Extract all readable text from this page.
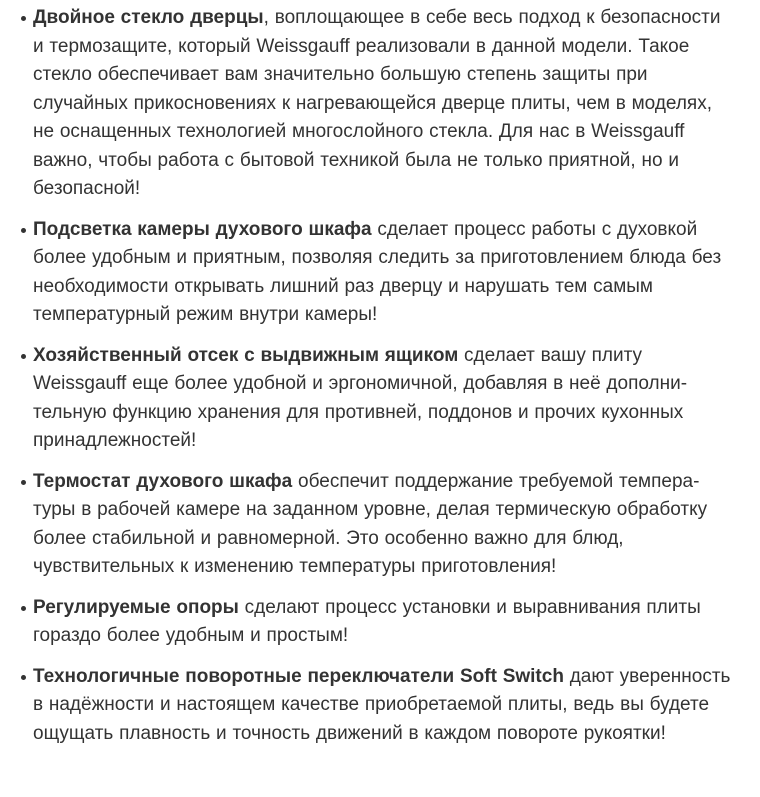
Двойное стекло дверцы, воплощающее в себе весь подход к безопасности и термозащите, который Weissgauff реализовали в данной модели. Такое стекло обеспечивает вам значительно большую степень защиты при случайных прикосновениях к нагревающейся дверце плиты, чем в моделях, не оснащенных технологией многослойного стекла. Для нас в Weissgauff важно, чтобы работа с бытовой техникой была не только приятной, но и безопасной!

Подсветка камеры духового шкафа сделает процесс работы с духовкой более удобным и приятным, позволяя следить за приготовлением блюда без необходимости открывать лишний раз дверцу и нарушать тем самым температурный режим внутри камеры!

Хозяйственный отсек с выдвижным ящиком сделает вашу плиту Weissgauff еще более удобной и эргономичной, добавляя в неё дополнительную функцию хранения для противней, поддонов и прочих кухонных принадлежностей!

Термостат духового шкафа обеспечит поддержание требуемой температуры в рабочей камере на заданном уровне, делая термическую обработку более стабильной и равномерной. Это особенно важно для блюд, чувствительных к изменению температуры приготовления!

Регулируемые опоры сделают процесс установки и выравнивания плиты гораздо более удобным и простым!

Технологичные поворотные переключатели Soft Switch дают уверенность в надёжности и настоящем качестве приобретаемой плиты, ведь вы будете ощущать плавность и точность движений в каждом повороте рукоятки!
